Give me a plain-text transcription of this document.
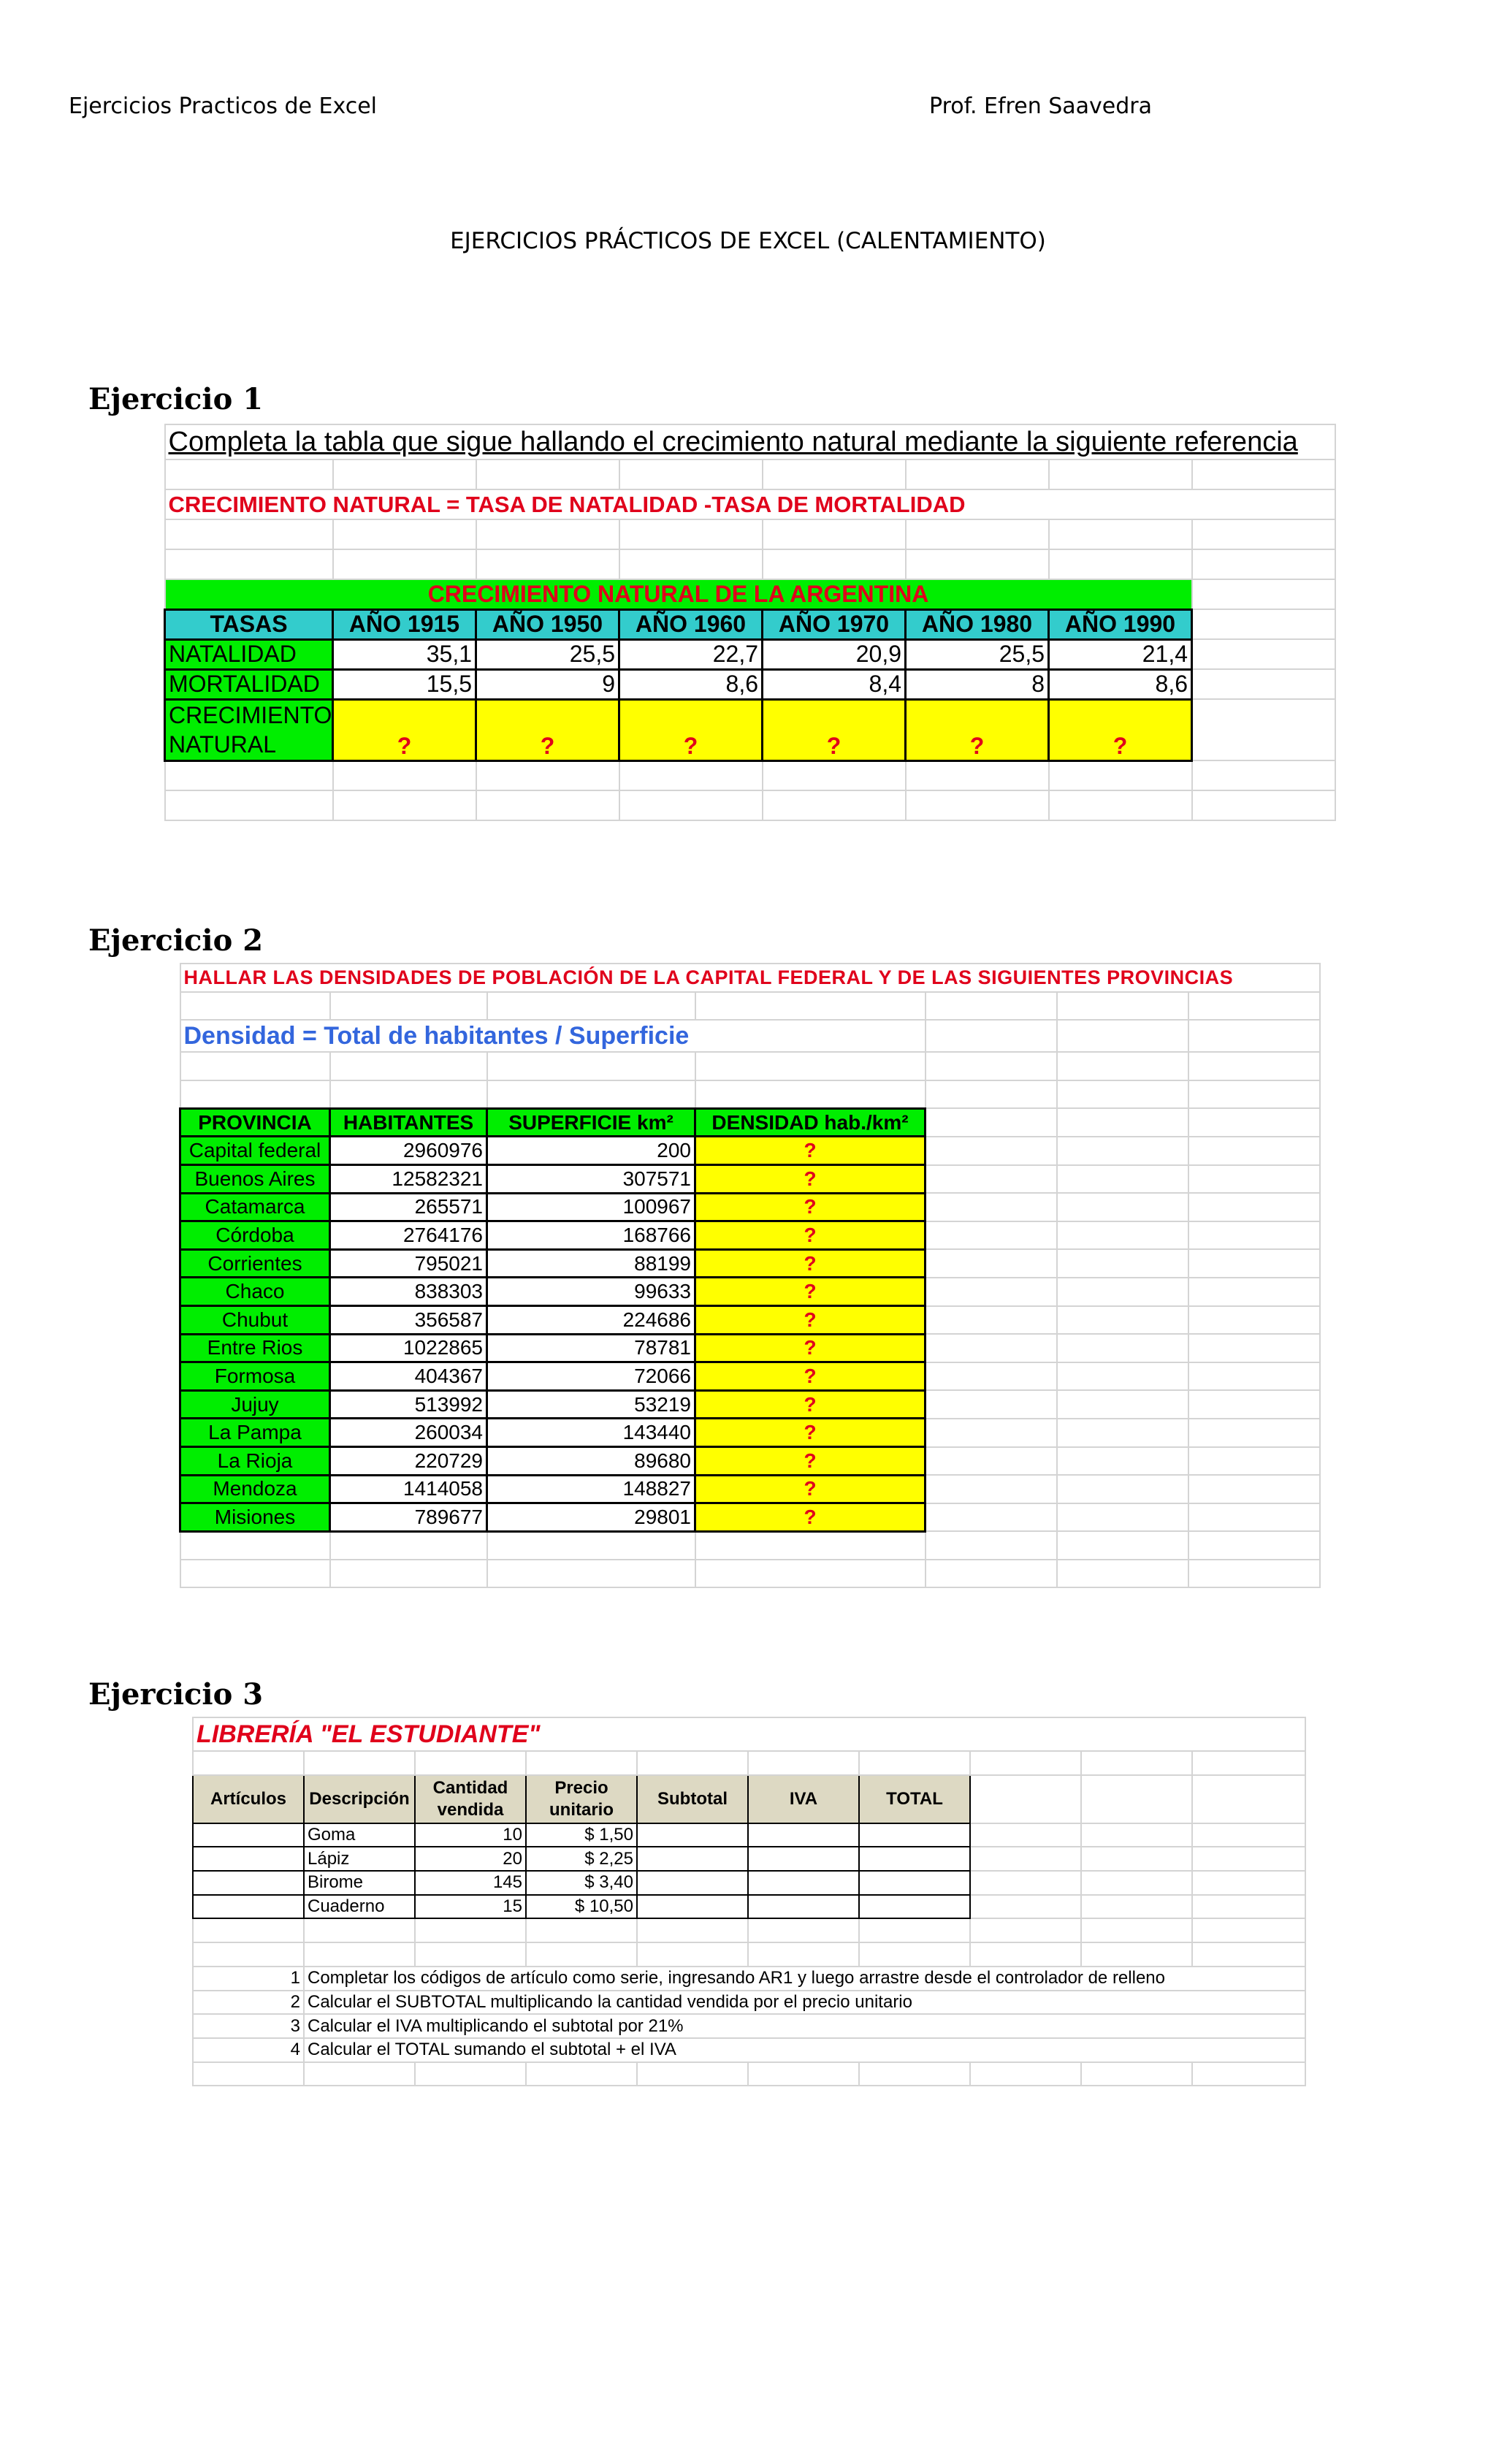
Ejercicios Practicos de Excel	Prof. Efren Saavedra
EJERCICIOS PRÁCTICOS DE EXCEL (CALENTAMIENTO)
Ejercicio 1
Completa la tabla que sigue hallando el crecimiento natural mediante la siguiente referencia							

CRECIMIENTO NATURAL = TASA DE NATALIDAD -TASA DE MORTALIDAD							

CRECIMIENTO NATURAL DE LA ARGENTINA							
TASAS	AÑO 1915	AÑO 1950	AÑO 1960	AÑO 1970	AÑO 1980	AÑO 1990	
NATALIDAD	35,1	25,5	22,7	20,9	25,5	21,4	
MORTALIDAD	15,5	9	8,6	8,4	8	8,6	

CRECIMIENTO
NATURAL	?	?	?	?	?	?	

Ejercicio 2
HALLAR LAS DENSIDADES DE POBLACIÓN DE LA CAPITAL FEDERAL Y DE LAS SIGUIENTES PROVINCIAS						

Densidad = Total de habitantes / Superficie						

PROVINCIA	HABITANTES	SUPERFICIE km²	DENSIDAD hab./km²			
Capital federal	2960976	200	?			
Buenos Aires	12582321	307571	?			
Catamarca	265571	100967	?			
Córdoba	2764176	168766	?			
Corrientes	795021	88199	?			
Chaco	838303	99633	?			
Chubut	356587	224686	?			
Entre Rios	1022865	78781	?			
Formosa	404367	72066	?			
Jujuy	513992	53219	?			
La Pampa	260034	143440	?			
La Rioja	220729	89680	?			
Mendoza	1414058	148827	?			
Misiones	789677	29801	?			

Ejercicio 3
LIBRERÍA "EL ESTUDIANTE"									

Artículos	Descripción	Cantidad vendida	Precio unitario	Subtotal	IVA	TOTAL			
	Goma	10	$ 1,50						
	Lápiz	20	$ 2,25						
	Birome	145	$ 3,40						
	Cuaderno	15	$ 10,50						

1	Completar los códigos de artículo como serie, ingresando AR1 y luego arrastre desde el controlador de relleno								
2	Calcular el SUBTOTAL multiplicando la cantidad vendida por el precio unitario								
3	Calcular el IVA multiplicando el subtotal por 21%								
4	Calcular el TOTAL sumando el subtotal + el IVA								
